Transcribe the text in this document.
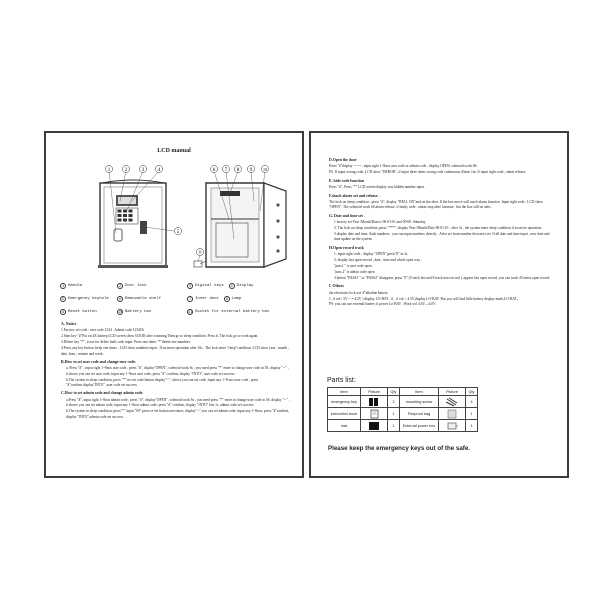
LCD manual
1	2	3	4
5
6 7 8 9	10
11
1 Handle	2 Door lock	3 Digital keys
	4 Display
5 Emergency keyhole	6 Removable shelf	7 Inner door
	8 Lamp
9 Reset button	10 Battery box	11 Socket for external battery box
A. Notice

1.Factory set code : user code 1234 . Admin code 123456

2.Start key "#"Put on 4X battery,LCD screen show GOOD after scanning.Then go to sleep condition. Press #, The lock go to work again.

3.Delete key "*", it use for delete fault code input. Press one times "*"delete one numbers.

4.Press any key button ,beep one times , LCD show numbers input . If no more operation after 10s . The lock enter "sleep"condition. LCD show year , month , date, hour , minute and week.

B.How to set user code and change user code.

a. Press "#" , input right 1~8nos user code , press "#", display"OPEN", solenoid work 6s , you need press "*" enter to change user code in 5S, display "--" , it shows you can set user code, input any 1~8nos user code, press "#" confirm, display "INTO", user code set success .

b.The system in sleep condition, press "*" no-set code button display"--", shows you can set code ,input any 1~8 nos user code , press "#"confirm,display"INTO" ,user code set success .

C.How to set admin code and change admin code.

a.Press "#", input right 1~8nos admin code , press "#", display"OPEN", solenoid work 6s , you need press "*" enter to change user code in 5S, display "--" , it shows you can set admin code, input any 1~8nos admin code, press "#" confirm, display "INTO" last 1s, admin code set success .

b.The system in sleep condition, press"*" input "00" press re-set button one times, display"--" you can set admin code, input any 1~8nos, press "#"confirm, display "INTO",admin code set success.

D.Open the door

Press "#"display -------, input right 1~8nos user code or admin code , display OPEN, solenoid work 6S.

PS. If input wrong code, LCD show "ERROR", if input three times wrong code continuous,Alarm 1m. If input right code , alarm release.

E. hide code function

Press "#", Press "*" LCD screen display was hidden number input.

F.shack alarm set and release .

The lock on sleep condition , press "#", display "BELL ON"and on the alert. If the box move will touch alarm function. Input right code , LCD show "OPEN". The solenoid work 6S,alarm release ,if faulty code , alarm stop after 1minute , but the box still on alert .

G. Date and time set .

1.factory set Year /Month/Date is 00-01-01 and 00-00. Saturday.

2. The lock on sleep condition ,press "***", display Year /Month/Date 00-01-01 , after 3s , the system enter sleep condition if no more operation.

3.display date and time, flash numbers , you can input numbers directly . After set front number then next set. If all date and time input , new date and time update on the system.

H.Open record track

1. input right code , display "OPEN",press"8" in 2s.

2, display last open record , date , time and which open way .

"pass1 " is user code open

"pass 2" is admin code open

3.before "PASS1 " or "PASS2" disappear, press "0" (0 track last and 8 track next record ), appear last open record, you can track 45 times open record.

I. Others

the electronic lock use 4*alkaline battery

1, if vol< 5V > = 4.2V ) display LO-BAT , if , if vol < 4.5V,display LO-BAT. But you will find little battery display mark,LO-BAT。

PS: you can use external battery if power Lo-BAT . Work vol 4.6V—6.0V

Parts list:
Item	Picture	Qty	Item	Picture	Qty
emergency key		2	mounting screw		4
instruction book		1	Fireproof bag		1
mat		1	External power box		1
Please keep the emergency keys out of the safe.
